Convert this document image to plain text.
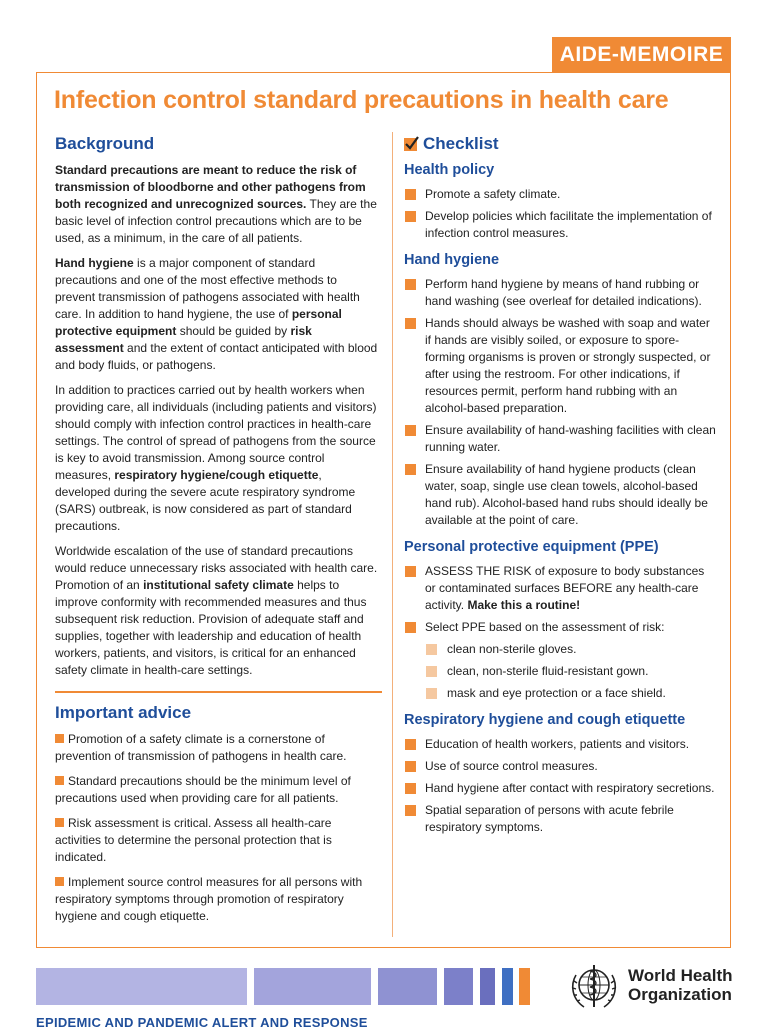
AIDE-MEMOIRE
Infection control standard precautions in health care
Background

Standard precautions are meant to reduce the risk of transmission of bloodborne and other pathogens from both recognized and unrecognized sources. They are the basic level of infection control precautions which are to be used, as a minimum, in the care of all patients.

Hand hygiene is a major component of standard precautions and one of the most effective methods to prevent transmission of pathogens associated with health care. In addition to hand hygiene, the use of personal protective equipment should be guided by risk assessment and the extent of contact anticipated with blood and body fluids, or pathogens.

In addition to practices carried out by health workers when providing care, all individuals (including patients and visitors) should comply with infection control practices in health-care settings. The control of spread of pathogens from the source is key to avoid transmission. Among source control measures, respiratory hygiene/cough etiquette, developed during the severe acute respiratory syndrome (SARS) outbreak, is now considered as part of standard precautions.

Worldwide escalation of the use of standard precautions would reduce unnecessary risks associated with health care. Promotion of an institutional safety climate helps to improve conformity with recommended measures and thus subsequent risk reduction. Provision of adequate staff and supplies, together with leadership and education of health workers, patients, and visitors, is critical for an enhanced safety climate in health-care settings.

Important advice
Promotion of a safety climate is a cornerstone of prevention of transmission of pathogens in health care.
Standard precautions should be the minimum level of precautions used when providing care for all patients.
Risk assessment is critical. Assess all health-care activities to determine the personal protection that is indicated.
Implement source control measures for all persons with respiratory symptoms through promotion of respiratory hygiene and cough etiquette.
Checklist
Health policy
Promote a safety climate.
Develop policies which facilitate the implementation of infection control measures.
Hand hygiene
Perform hand hygiene by means of hand rubbing or hand washing (see overleaf for detailed indications).
Hands should always be washed with soap and water if hands are visibly soiled, or exposure to spore-forming organisms is proven or strongly suspected, or after using the restroom. For other indications, if resources permit, perform hand rubbing with an alcohol-based preparation.
Ensure availability of hand-washing facilities with clean running water.
Ensure availability of hand hygiene products (clean water, soap, single use clean towels, alcohol-based hand rub). Alcohol-based hand rubs should ideally be available at the point of care.
Personal protective equipment (PPE)
ASSESS THE RISK of exposure to body substances or contaminated surfaces BEFORE any health-care activity. Make this a routine!
Select PPE based on the assessment of risk:
clean non-sterile gloves.
clean, non-sterile fluid-resistant gown.
mask and eye protection or a face shield.
Respiratory hygiene and cough etiquette
Education of health workers, patients and visitors.
Use of source control measures.
Hand hygiene after contact with respiratory secretions.
Spatial separation of persons with acute febrile respiratory symptoms.
World Health
Organization
EPIDEMIC AND PANDEMIC ALERT AND RESPONSE
